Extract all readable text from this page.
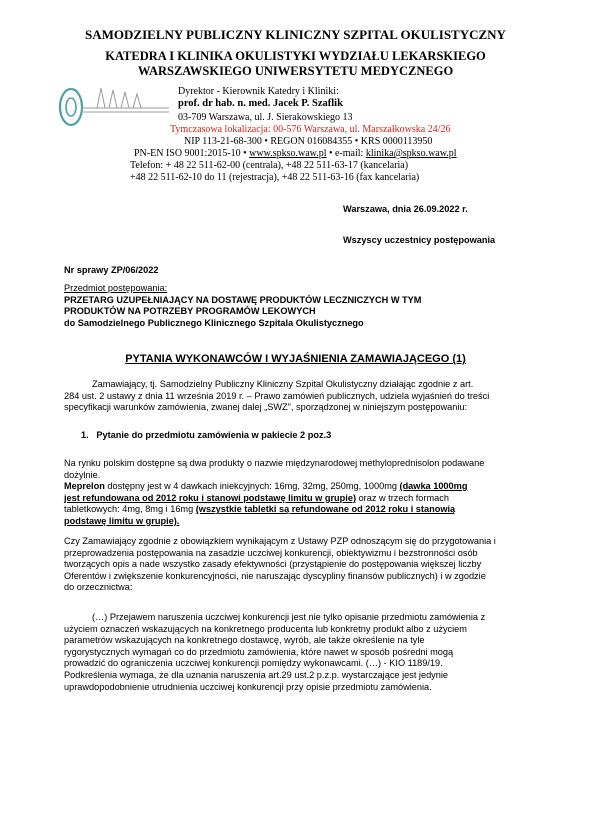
SAMODZIELNY PUBLICZNY KLINICZNY SZPITAL OKULISTYCZNY
KATEDRA I KLINIKA OKULISTYKI WYDZIAŁU LEKARSKIEGO
WARSZAWSKIEGO UNIWERSYTETU MEDYCZNEGO
Dyrektor - Kierownik Katedry i Kliniki:
prof. dr hab. n. med. Jacek P. Szaflik
03-709 Warszawa, ul. J. Sierakowskiego 13
Tymczasowa lokalizacja: 00-576 Warszawa, ul. Marszałkowska 24/26
NIP 113-21-68-300 • REGON 016084355 • KRS 0000113950
PN-EN ISO 9001:2015-10 • www.spkso.waw.pl • e-mail: klinika@spkso.waw.pl
Telefon: + 48 22 511-62-00 (centrala), +48 22 511-63-17 (kancelaria)
+48 22 511-62-10 do 11 (rejestracja), +48 22 511-63-16 (fax kancelaria)
Warszawa, dnia 26.09.2022 r.
Wszyscy uczestnicy postępowania
Nr sprawy ZP/06/2022
Przedmiot postępowania:
PRZETARG UZUPEŁNIAJĄCY NA DOSTAWĘ PRODUKTÓW LECZNICZYCH W TYM
PRODUKTÓW NA POTRZEBY PROGRAMÓW LEKOWYCH
do Samodzielnego Publicznego Klinicznego Szpitala Okulistycznego
PYTANIA WYKONAWCÓW I WYJAŚNIENIA ZAMAWIAJĄCEGO (1)
Zamawiający, tj. Samodzielny Publiczny Kliniczny Szpital Okulistyczny działając zgodnie z art.
284 ust. 2 ustawy z dnia 11 września 2019 r. – Prawo zamówień publicznych, udziela wyjaśnień do treści
specyfikacji warunków zamówienia, zwanej dalej „SWZ", sporządzonej w niniejszym postępowaniu:
1. Pytanie do przedmiotu zamówienia w pakiecie 2 poz.3
Na rynku polskim dostępne są dwa produkty o nazwie międzynarodowej methyloprednisolon podawane
dożylnie.
Meprelon dostępny jest w 4 dawkach iniekcyjnych: 16mg, 32mg, 250mg, 1000mg (dawka 1000mg
jest refundowana od 2012 roku i stanowi podstawę limitu w grupie) oraz w trzech formach
tabletkowych: 4mg, 8mg i 16mg (wszystkie tabletki są refundowane od 2012 roku i stanowią
podstawę limitu w grupie).
Czy Zamawiający zgodnie z obowiązkiem wynikającym z Ustawy PZP odnoszącym się do przygotowania i
przeprowadzenia postępowania na zasadzie uczciwej konkurencji, obiektywizmu i bezstronności osób
tworzących opis a nade wszystko zasady efektywności (przystąpienie do postępowania większej liczby
Oferentów i zwiększenie konkurencyjności, nie naruszając dyscypliny finansów publicznych) i w zgodzie
do orzecznictwa:
(…) Przejawem naruszenia uczciwej konkurencji jest nie tylko opisanie przedmiotu zamówienia z
użyciem oznaczeń wskazujących na konkretnego producenta lub konkretny produkt albo z użyciem
parametrów wskazujących na konkretnego dostawcę, wyrób, ale także określenie na tyle
rygorystycznych wymagań co do przedmiotu zamówienia, które nawet w sposób pośredni mogą
prowadzić do ograniczenia uczciwej konkurencji pomiędzy wykonawcami. (…) - KIO 1189/19.
Podkreślenia wymaga, że dla uznania naruszenia art.29 ust.2 p.z.p. wystarczające jest jedynie
uprawdopodobnienie utrudnienia uczciwej konkurencji przy opisie przedmiotu zamówienia.
